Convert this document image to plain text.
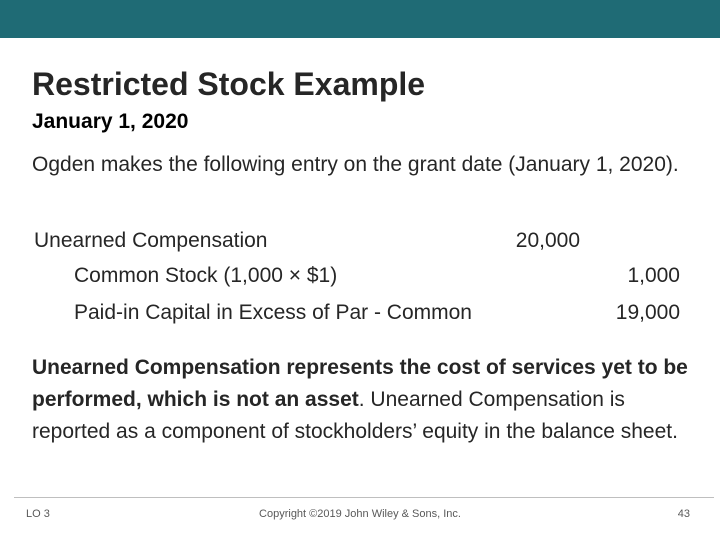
Restricted Stock Example
January 1, 2020

Ogden makes the following entry on the grant date (January 1, 2020).

Unearned Compensation	20,000
Common Stock (1,000 × $1)	1,000
Paid-in Capital in Excess of Par - Common	19,000

Unearned Compensation represents the cost of services yet to be performed, which is not an asset. Unearned Compensation is reported as a component of stockholders’ equity in the balance sheet.

LO 3	Copyright ©2019 John Wiley & Sons, Inc.	43
